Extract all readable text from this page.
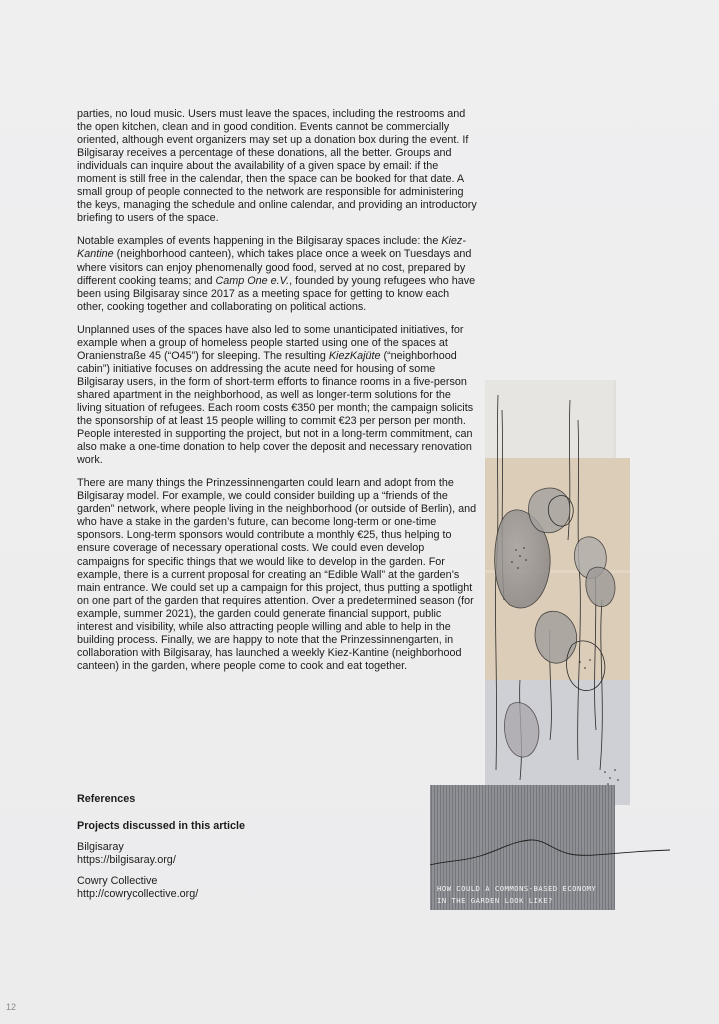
parties, no loud music. Users must leave the spaces, including the restrooms and the open kitchen, clean and in good condition. Events cannot be commercially oriented, although event organizers may set up a donation box during the event. If Bilgisaray receives a percentage of these donations, all the better. Groups and individuals can inquire about the availability of a given space by email: if the moment is still free in the calendar, then the space can be booked for that date. A small group of people connected to the network are responsible for administering the keys, managing the schedule and online calendar, and providing an introductory briefing to users of the space.

Notable examples of events happening in the Bilgisaray spaces include: the Kiez-Kantine (neighborhood canteen), which takes place once a week on Tuesdays and where visitors can enjoy phenomenally good food, served at no cost, prepared by different cooking teams; and Camp One e.V., founded by young refugees who have been using Bilgisaray since 2017 as a meeting space for getting to know each other, cooking together and collaborating on political actions.

Unplanned uses of the spaces have also led to some unanticipated initiatives, for example when a group of homeless people started using one of the spaces at Oranienstraße 45 (“O45”) for sleeping. The resulting KiezKajüte (“neighborhood cabin”) initiative focuses on addressing the acute need for housing of some Bilgisaray users, in the form of short-term efforts to finance rooms in a five-person shared apartment in the neighborhood, as well as longer-term solutions for the living situation of refugees. Each room costs €350 per month; the campaign solicits the sponsorship of at least 15 people willing to commit €23 per person per month. People interested in supporting the project, but not in a long-term commitment, can also make a one-time donation to help cover the deposit and necessary renovation work.

There are many things the Prinzessinnengarten could learn and adopt from the Bilgisaray model. For example, we could consider building up a “friends of the garden” network, where people living in the neighborhood (or outside of Berlin), and who have a stake in the garden’s future, can become long-term or one-time sponsors. Long-term sponsors would contribute a monthly €25, thus helping to ensure coverage of necessary operational costs. We could even develop campaigns for specific things that we would like to develop in the garden. For example, there is a current proposal for creating an “Edible Wall” at the garden’s main entrance. We could set up a campaign for this project, thus putting a spotlight on one part of the garden that requires attention. Over a predetermined season (for example, summer 2021), the garden could generate financial support, public interest and visibility, while also attracting people willing and able to help in the building process. Finally, we are happy to note that the Prinzessinnengarten, in collaboration with Bilgisaray, has launched a weekly Kiez-Kantine (neighborhood canteen) in the garden, where people come to cook and eat together.

References
Projects discussed in this article
Bilgisaray
https://bilgisaray.org/
Cowry Collective
http://cowrycollective.org/	HOW COULD A COMMONS-BASED ECONOMY
IN THE GARDEN LOOK LIKE?
12
